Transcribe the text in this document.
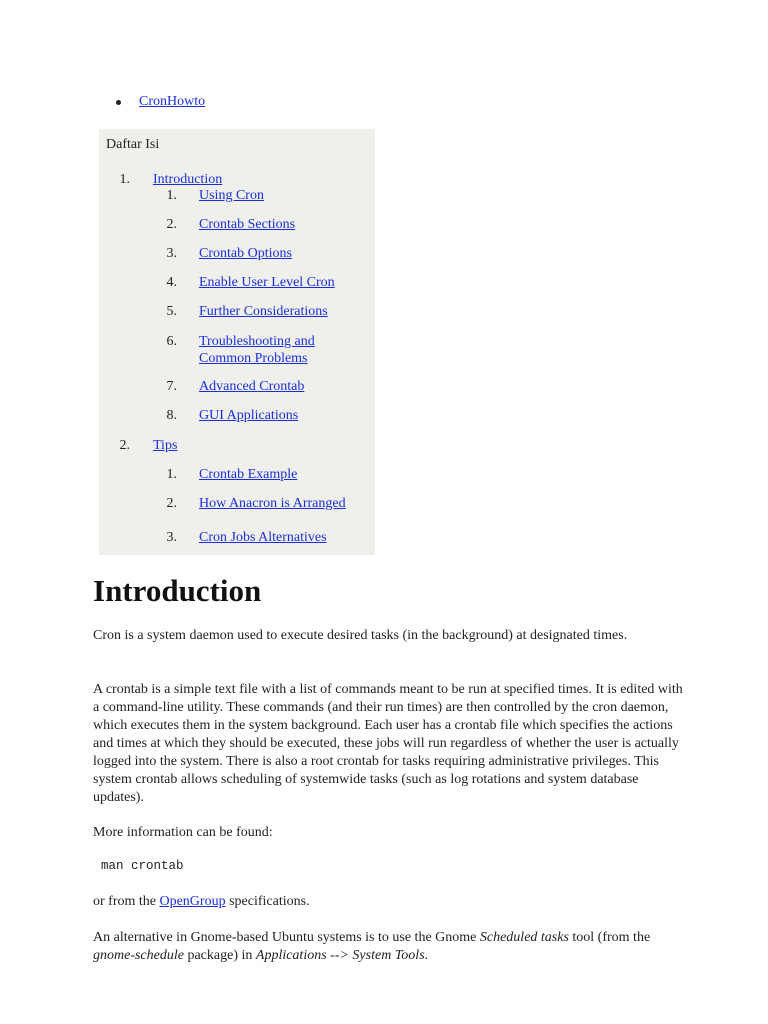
CronHowto
Daftar Isi
1. Introduction
1. Using Cron
2. Crontab Sections
3. Crontab Options
4. Enable User Level Cron
5. Further Considerations
6. Troubleshooting and
Common Problems
7. Advanced Crontab
8. GUI Applications
2. Tips
1. Crontab Example
2. How Anacron is Arranged
3. Cron Jobs Alternatives
Introduction

Cron is a system daemon used to execute desired tasks (in the background) at designated times.

A crontab is a simple text file with a list of commands meant to be run at specified times. It is edited with a command-line utility. These commands (and their run times) are then controlled by the cron daemon, which executes them in the system background. Each user has a crontab file which specifies the actions and times at which they should be executed, these jobs will run regardless of whether the user is actually logged into the system. There is also a root crontab for tasks requiring administrative privileges. This system crontab allows scheduling of systemwide tasks (such as log rotations and system database updates).

More information can be found:

man crontab

or from the OpenGroup specifications.

An alternative in Gnome-based Ubuntu systems is to use the Gnome Scheduled tasks tool (from the gnome-schedule package) in Applications --> System Tools.
